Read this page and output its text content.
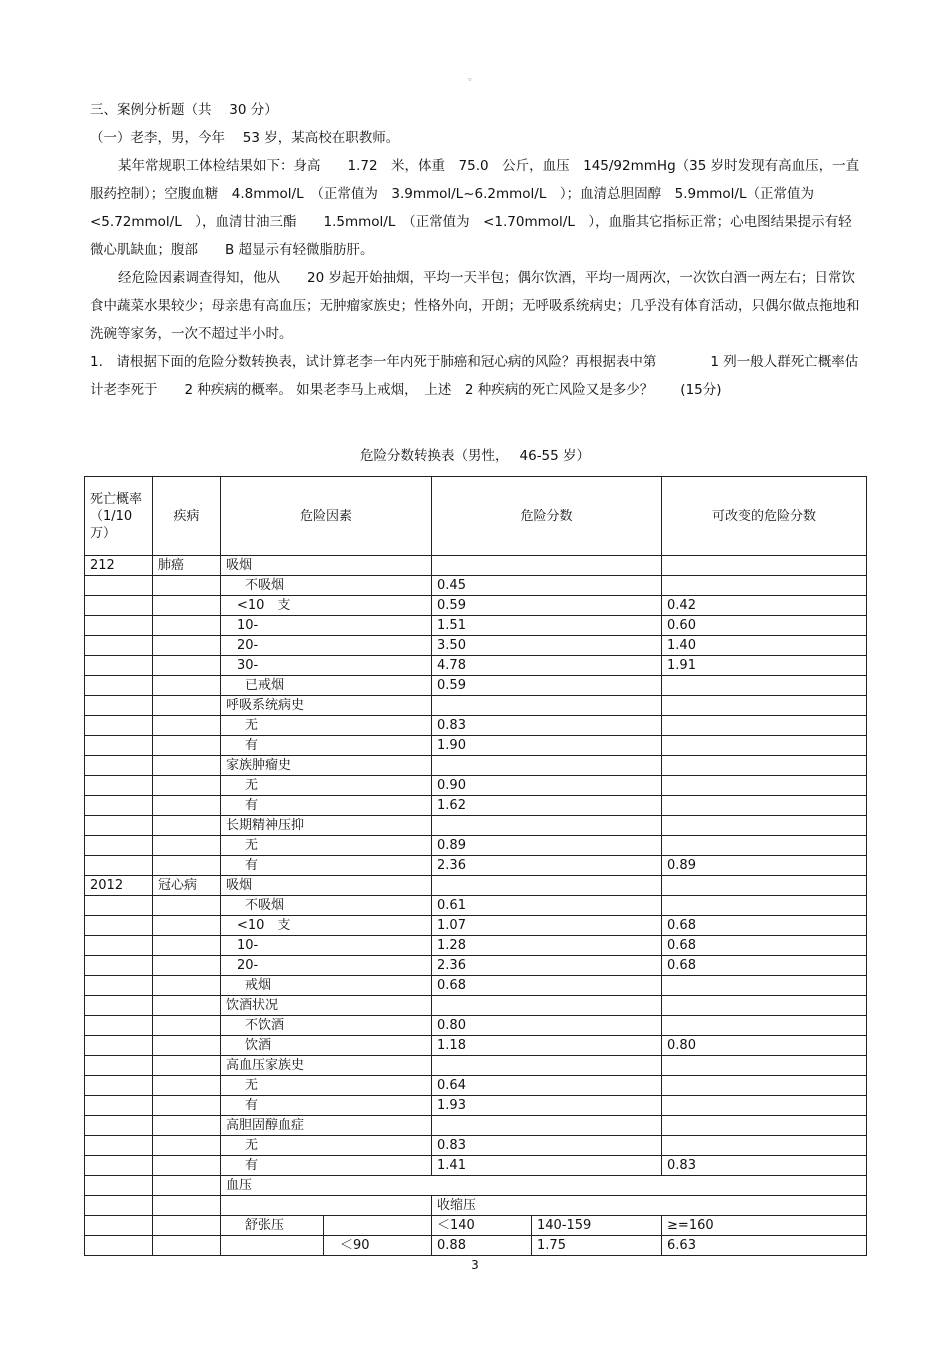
。

三、案例分析题（共　 30 分）

（一）老李，男，今年　 53 岁，某高校在职教师。

某年常规职工体检结果如下：身高　　1.72　米，体重　75.0　公斤，血压　145/92mmHg（35 岁时发现有高血压，一直服药控制）；空腹血糖　4.8mmol/L　（正常值为　3.9mmol/L~6.2mmol/L　）；血清总胆固醇　5.9mmol/L（正常值为　<5.72mmol/L　），血清甘油三酯　　1.5mmol/L　（正常值为　<1.70mmol/L　），血脂其它指标正常；心电图结果提示有轻微心肌缺血；腹部　　B 超显示有轻微脂肪肝。

经危险因素调查得知，他从　　20 岁起开始抽烟，平均一天半包；偶尔饮酒，平均一周两次，一次饮白酒一两左右；日常饮食中蔬菜水果较少；母亲患有高血压；无肿瘤家族史；性格外向，开朗；无呼吸系统病史；几乎没有体育活动，只偶尔做点拖地和洗碗等家务，一次不超过半小时。

1.　请根据下面的危险分数转换表，试计算老李一年内死于肺癌和冠心病的风险？再根据表中第　　　　1 列一般人群死亡概率估计老李死于　　2 种疾病的概率。 如果老李马上戒烟，　上述　2 种疾病的死亡风险又是多少？　　(15分)

危险分数转换表（男性，　 46-55 岁）
死亡概率（1/10万）	疾病	危险因素		危险分数		可改变的危险分数
212	肺癌	吸烟				
		不吸烟		0.45		
		<10　支		0.59		0.42
		10-		1.51		0.60
		20-		3.50		1.40
		30-		4.78		1.91
		已戒烟		0.59		
		呼吸系统病史				
		无		0.83		
		有		1.90		
		家族肿瘤史				
		无		0.90		
		有		1.62		
		长期精神压抑				
		无		0.89		
		有		2.36		0.89
2012	冠心病	吸烟				
		不吸烟		0.61		
		<10　支		1.07		0.68
		10-		1.28		0.68
		20-		2.36		0.68
		戒烟		0.68		
		饮酒状况				
		不饮酒		0.80		
		饮酒		1.18		0.80
		高血压家族史				
		无		0.64		
		有		1.93		
		高胆固醇血症				
		无		0.83		
		有		1.41		0.83
		血压				
				收缩压		
		舒张压		＜140	140-159	≥=160
			＜90	0.88	1.75	6.63
3
